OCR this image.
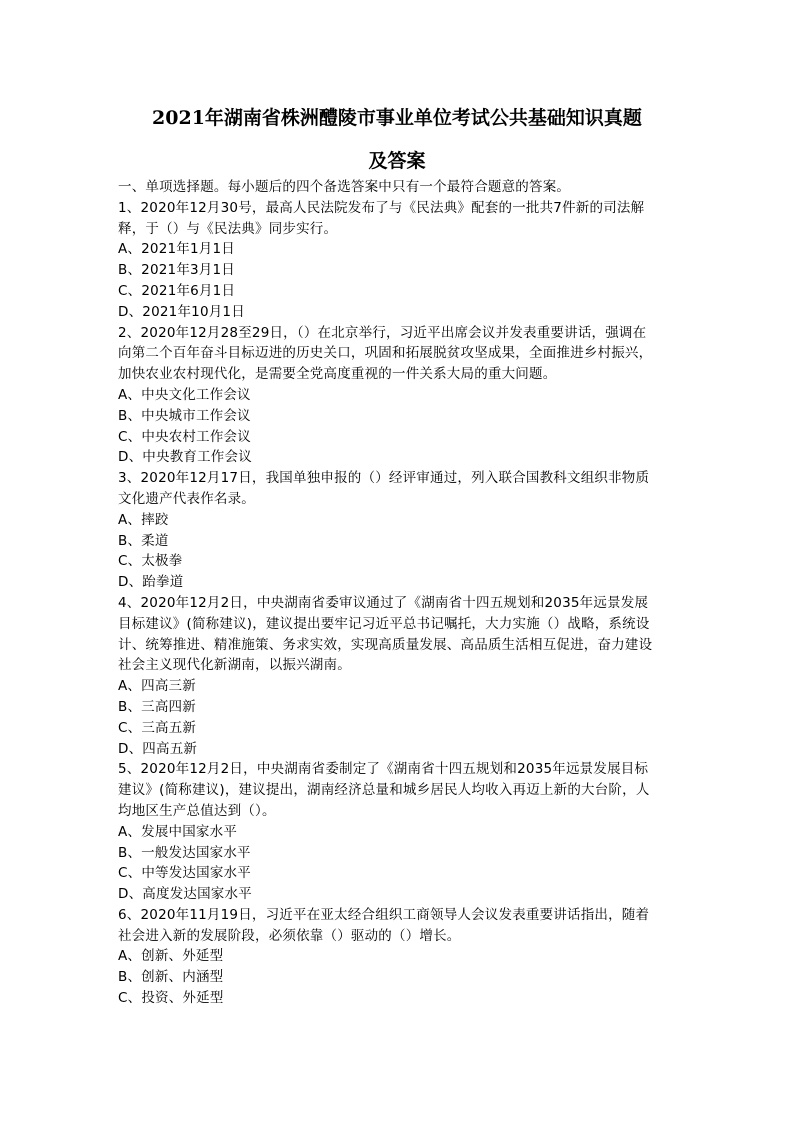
2021年湖南省株洲醴陵市事业单位考试公共基础知识真题
及答案

一、单项选择题。每小题后的四个备选答案中只有一个最符合题意的答案。

1、2020年12月30号，最高人民法院发布了与《民法典》配套的一批共7件新的司法解

释，于（）与《民法典》同步实行。

A、2021年1月1日

B、2021年3月1日

C、2021年6月1日

D、2021年10月1日

2、2020年12月28至29日，（）在北京举行，习近平出席会议并发表重要讲话，强调在

向第二个百年奋斗目标迈进的历史关口，巩固和拓展脱贫攻坚成果，全面推进乡村振兴，

加快农业农村现代化，是需要全党高度重视的一件关系大局的重大问题。

A、中央文化工作会议

B、中央城市工作会议

C、中央农村工作会议

D、中央教育工作会议

3、2020年12月17日，我国单独申报的（）经评审通过，列入联合国教科文组织非物质

文化遗产代表作名录。

A、摔跤

B、柔道

C、太极拳

D、跆拳道

4、2020年12月2日，中央湖南省委审议通过了《湖南省十四五规划和2035年远景发展

目标建议》(简称建议)，建议提出要牢记习近平总书记嘱托，大力实施（）战略，系统设

计、统筹推进、精准施策、务求实效，实现高质量发展、高品质生活相互促进，奋力建设

社会主义现代化新湖南，以振兴湖南。

A、四高三新

B、三高四新

C、三高五新

D、四高五新

5、2020年12月2日，中央湖南省委制定了《湖南省十四五规划和2035年远景发展目标

建议》(简称建议)，建议提出，湖南经济总量和城乡居民人均收入再迈上新的大台阶，人

均地区生产总值达到（）。

A、发展中国家水平

B、一般发达国家水平

C、中等发达国家水平

D、高度发达国家水平

6、2020年11月19日，习近平在亚太经合组织工商领导人会议发表重要讲话指出，随着

社会进入新的发展阶段，必须依靠（）驱动的（）增长。

A、创新、外延型

B、创新、内涵型

C、投资、外延型
